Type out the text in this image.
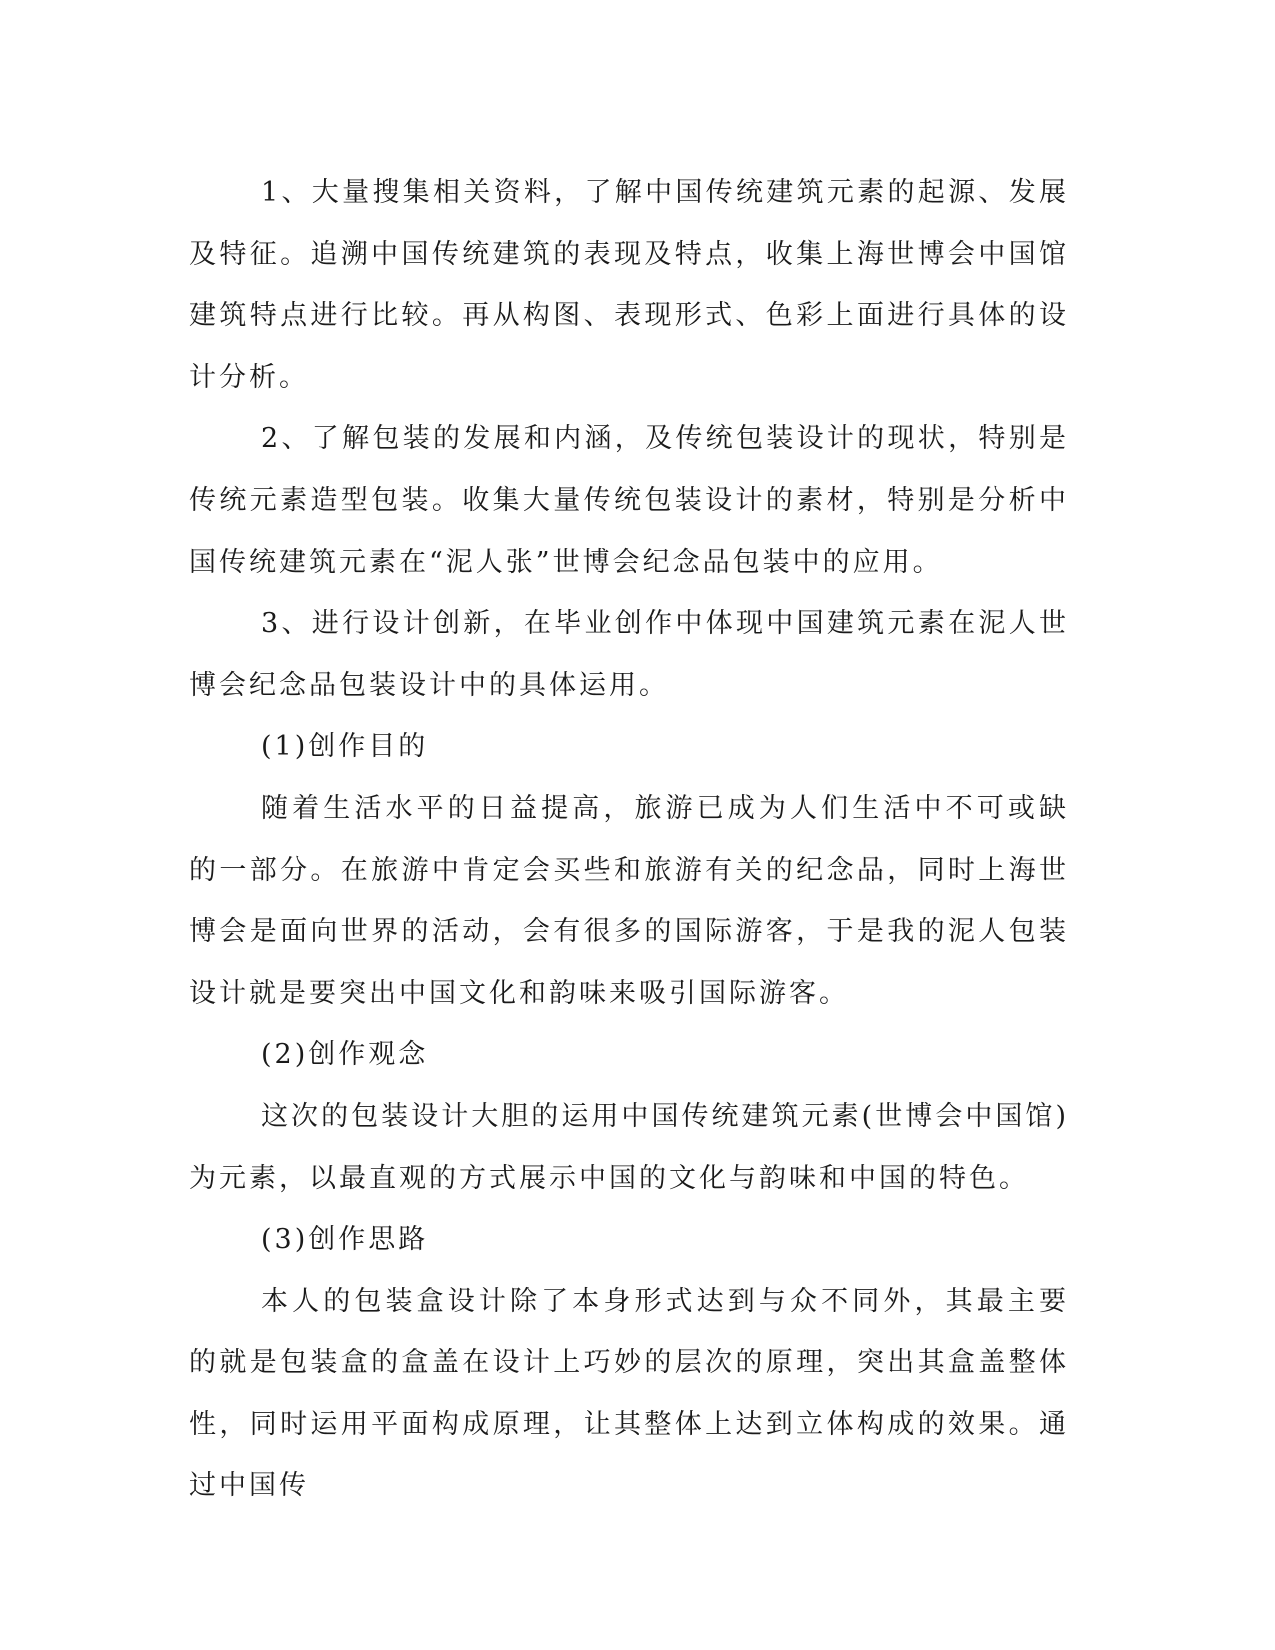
1、大量搜集相关资料，了解中国传统建筑元素的起源、发展及特征。追溯中国传统建筑的表现及特点，收集上海世博会中国馆建筑特点进行比较。再从构图、表现形式、色彩上面进行具体的设计分析。

2、了解包装的发展和内涵，及传统包装设计的现状，特别是传统元素造型包装。收集大量传统包装设计的素材，特别是分析中国传统建筑元素在“泥人张”世博会纪念品包装中的应用。

3、进行设计创新，在毕业创作中体现中国建筑元素在泥人世博会纪念品包装设计中的具体运用。

(1)创作目的

随着生活水平的日益提高，旅游已成为人们生活中不可或缺的一部分。在旅游中肯定会买些和旅游有关的纪念品，同时上海世博会是面向世界的活动，会有很多的国际游客，于是我的泥人包装设计就是要突出中国文化和韵味来吸引国际游客。

(2)创作观念

这次的包装设计大胆的运用中国传统建筑元素(世博会中国馆)为元素，以最直观的方式展示中国的文化与韵味和中国的特色。

(3)创作思路

本人的包装盒设计除了本身形式达到与众不同外，其最主要的就是包装盒的盒盖在设计上巧妙的层次的原理，突出其盒盖整体性，同时运用平面构成原理，让其整体上达到立体构成的效果。通过中国传
